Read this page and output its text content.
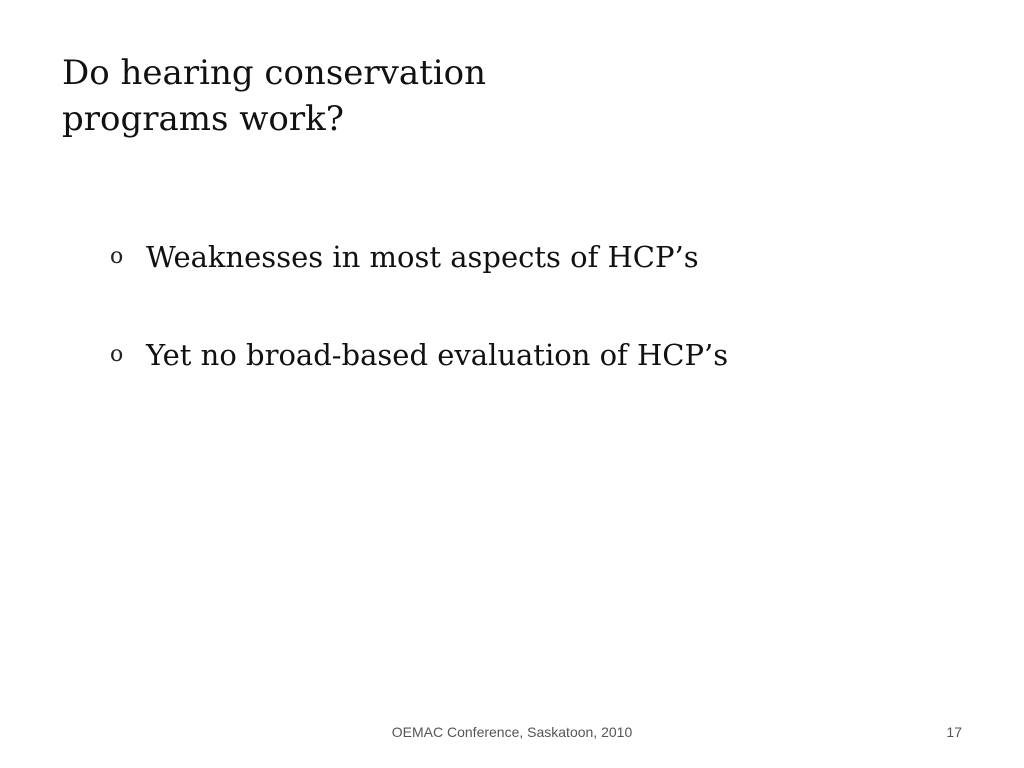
Do hearing conservation
programs work?
o Weaknesses in most aspects of HCP’s
o Yet no broad-based evaluation of HCP’s
OEMAC Conference, Saskatoon, 2010	17
